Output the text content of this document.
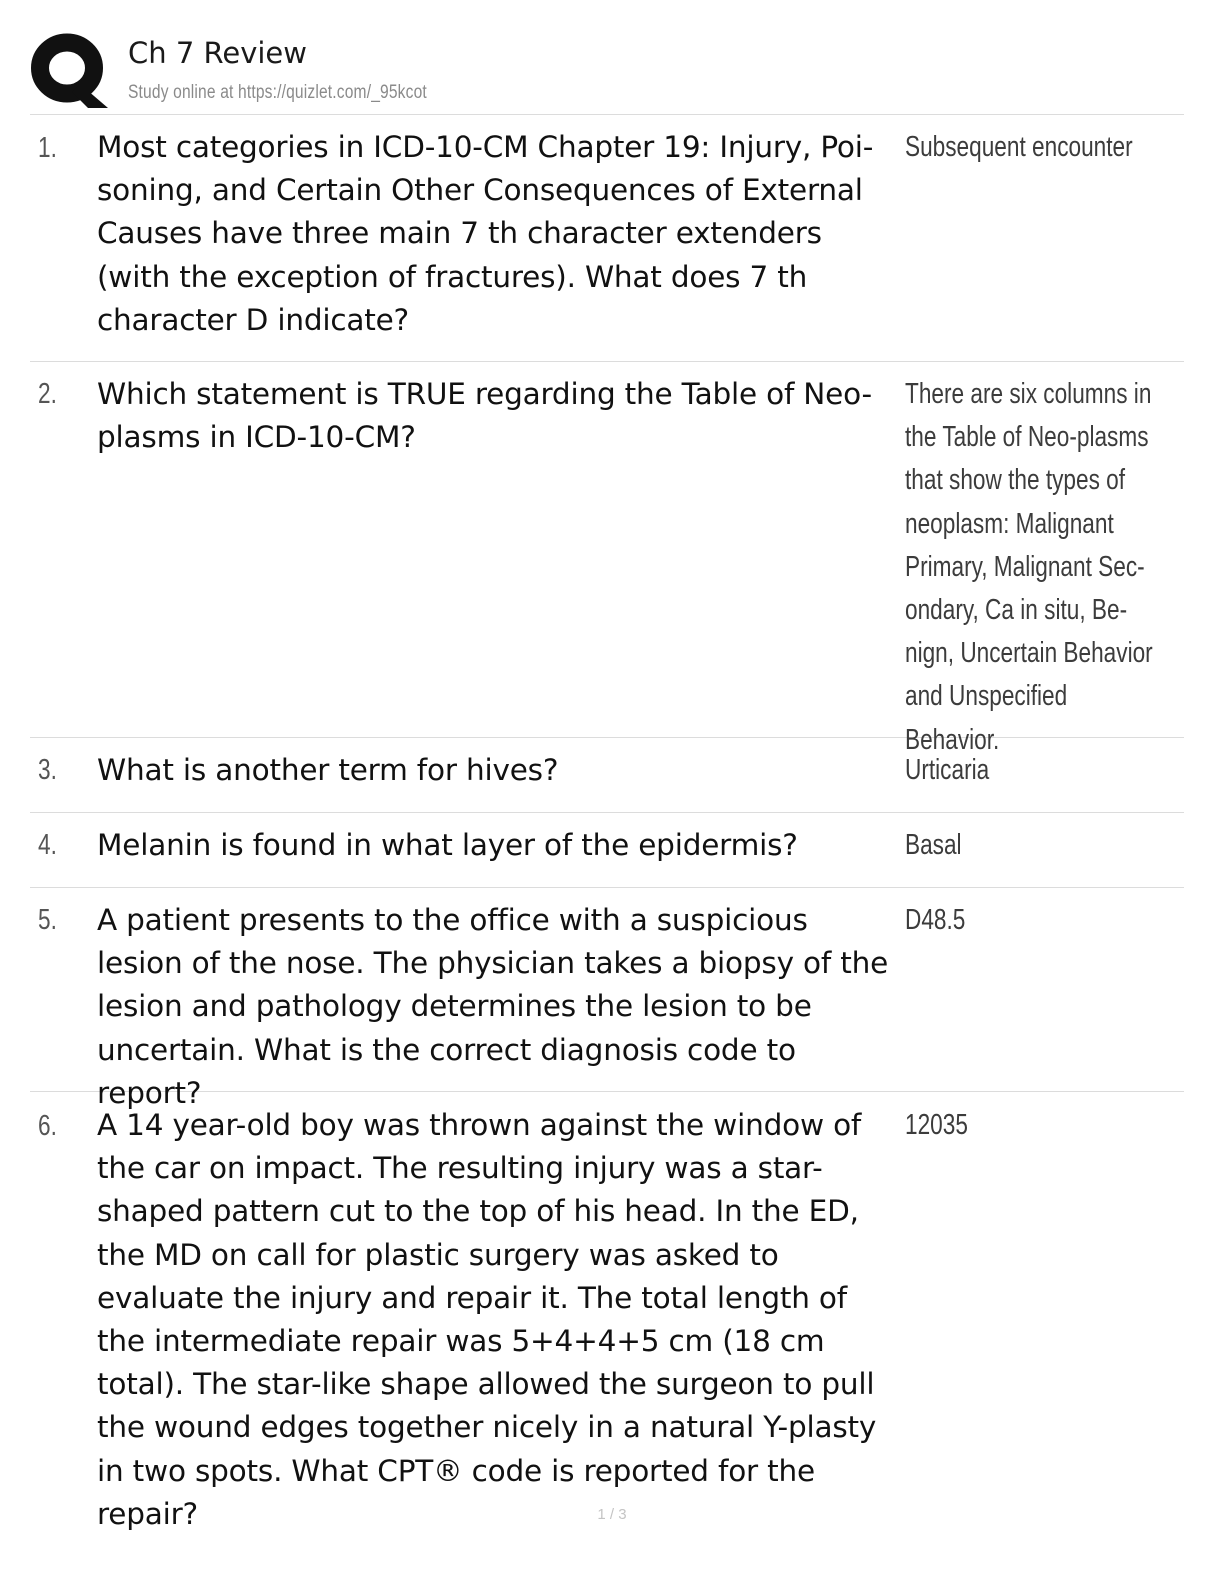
Ch 7 Review
Study online at https://quizlet.com/_95kcot
1. Most categories in ICD-10-CM Chapter 19: Injury, Poi-soning, and Certain Other Consequences of External Causes have three main 7 th character extenders (with the exception of fractures). What does 7 th character D indicate?
Subsequent encounter
2. Which statement is TRUE regarding the Table of Neo-plasms in ICD-10-CM?
There are six columns in the Table of Neo-plasms that show the types of neoplasm: Malignant Primary, Malignant Sec-ondary, Ca in situ, Be-nign, Uncertain Behavior and Unspecified Behavior.
3. What is another term for hives?	Urticaria
4. Melanin is found in what layer of the epidermis?	Basal
5. A patient presents to the office with a suspicious lesion of the nose. The physician takes a biopsy of the lesion and pathology determines the lesion to be uncertain. What is the correct diagnosis code to report?
D48.5
6. A 14 year-old boy was thrown against the window of the car on impact. The resulting injury was a star-shaped pattern cut to the top of his head. In the ED, the MD on call for plastic surgery was asked to evaluate the injury and repair it. The total length of the intermediate repair was 5+4+4+5 cm (18 cm total). The star-like shape allowed the surgeon to pull the wound edges together nicely in a natural Y-plasty in two spots. What CPT® code is reported for the repair?
12035
1 / 3
